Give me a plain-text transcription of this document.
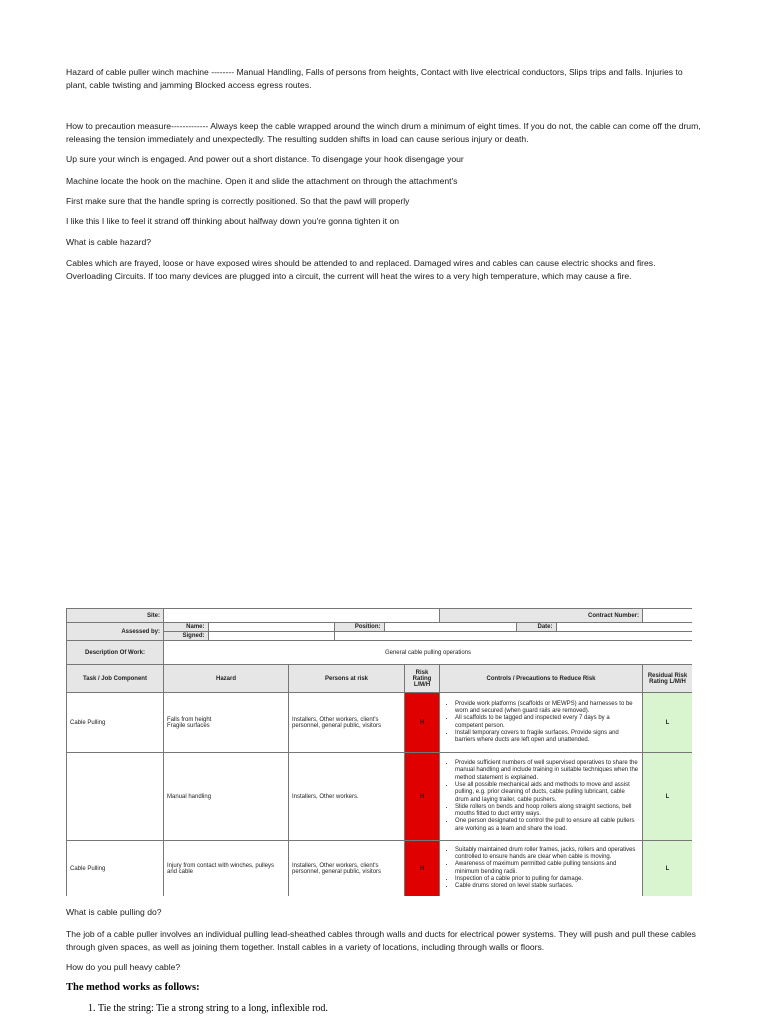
Hazard of cable puller winch machine -------- Manual Handling, Falls of persons from heights, Contact with live electrical conductors, Slips trips and falls. Injuries to plant, cable twisting and jamming Blocked access egress routes.

How to precaution measure------------- Always keep the cable wrapped around the winch drum a minimum of eight times. If you do not, the cable can come off the drum, releasing the tension immediately and unexpectedly. The resulting sudden shifts in load can cause serious injury or death.

Up sure your winch is engaged. And power out a short distance. To disengage your hook disengage your

Machine locate the hook on the machine. Open it and slide the attachment on through the attachment's

First make sure that the handle spring is correctly positioned. So that the pawl will properly

I like this I like to feel it strand off thinking about halfway down you're gonna tighten it on

What is cable hazard?

Cables which are frayed, loose or have exposed wires should be attended to and replaced. Damaged wires and cables can cause electric shocks and fires. Overloading Circuits. If too many devices are plugged into a circuit, the current will heat the wires to a very high temperature, which may cause a fire.

Site:		Contract Number:	
Assessed by:	
Name:		Position:		Date:	
Signed:		

Description Of Work:	General cable pulling operations
Task / Job Component	Hazard	Persons at risk	Risk Rating L/M/H	Controls / Precautions to Reduce Risk	Residual Risk Rating L/M/H
Cable Pulling	Falls from height
Fragile surfaces	Installers, Other workers, client's personnel, general public, visitors	H	
• Provide work platforms (scaffolds or MEWPS) and harnesses to be worn and secured (when guard rails are removed).
• All scaffolds to be tagged and inspected every 7 days by a competent person.
• Install temporary covers to fragile surfaces. Provide signs and barriers where ducts are left open and unattended.
	L
	Manual handling	Installers, Other workers.	H	
• Provide sufficient numbers of well supervised operatives to share the manual handling and include training in suitable techniques when the method statement is explained.
• Use all possible mechanical aids and methods to move and assist pulling, e.g. prior cleaning of ducts, cable pulling lubricant, cable drum and laying trailer, cable pushers.
• Slide rollers on bends and hoop rollers along straight sections, bell mouths fitted to duct entry ways.
• One person designated to control the pull to ensure all cable pullers are working as a team and share the load.
	L
Cable Pulling	Injury from contact with winches, pulleys and cable	Installers, Other workers, client's personnel, general public, visitors	H	
• Suitably maintained drum roller frames, jacks, rollers and operatives controlled to ensure hands are clear when cable is moving.
• Awareness of maximum permitted cable pulling tensions and minimum bending radii.
• Inspection of a cable prior to pulling for damage.
• Cable drums stored on level stable surfaces.
	L

What is cable pulling do?

The job of a cable puller involves an individual pulling lead-sheathed cables through walls and ducts for electrical power systems. They will push and pull these cables through given spaces, as well as joining them together. Install cables in a variety of locations, including through walls or floors.

How do you pull heavy cable?

The method works as follows:
1. Tie the string: Tie a strong string to a long, inflexible rod.
